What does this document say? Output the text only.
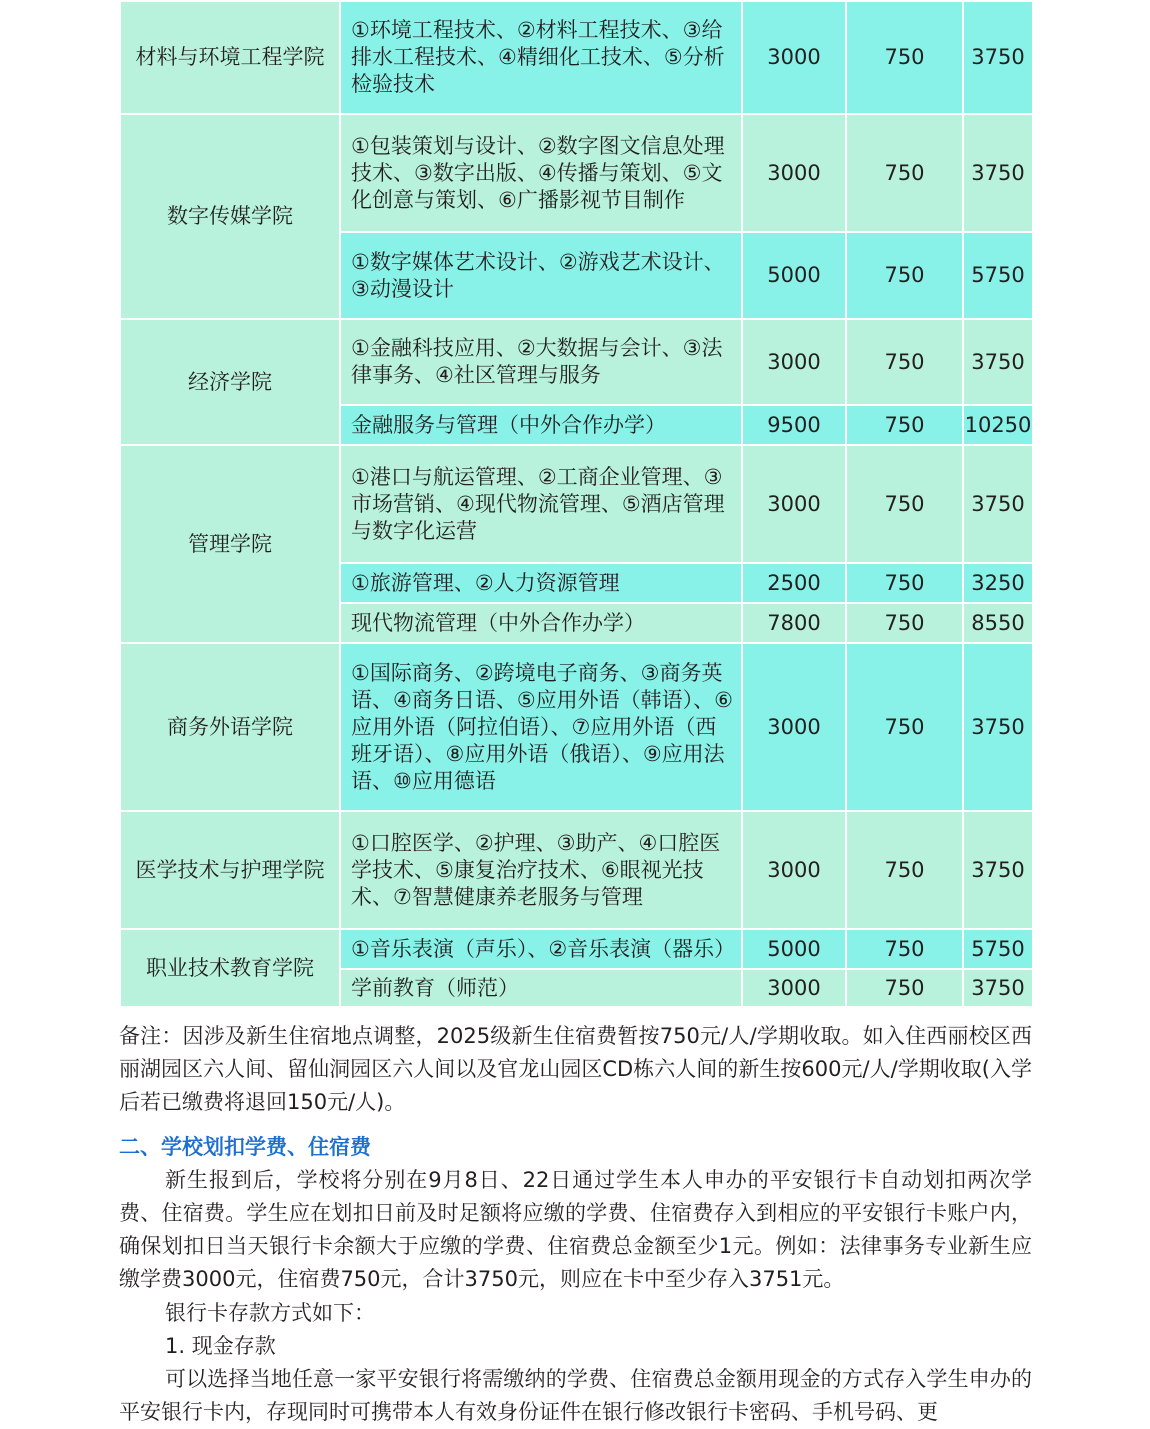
材料与环境工程学院	①环境工程技术、②材料工程技术、③给排水工程技术、④精细化工技术、⑤分析检验技术	3000	750	3750
数字传媒学院	①包装策划与设计、②数字图文信息处理技术、③数字出版、④传播与策划、⑤文化创意与策划、⑥广播影视节目制作	3000	750	3750
	①数字媒体艺术设计、②游戏艺术设计、③动漫设计	5000	750	5750
经济学院	①金融科技应用、②大数据与会计、③法律事务、④社区管理与服务	3000	750	3750
	金融服务与管理（中外合作办学）	9500	750	10250
管理学院	①港口与航运管理、②工商企业管理、③市场营销、④现代物流管理、⑤酒店管理与数字化运营	3000	750	3750
	①旅游管理、②人力资源管理	2500	750	3250
	现代物流管理（中外合作办学）	7800	750	8550
商务外语学院	①国际商务、②跨境电子商务、③商务英语、④商务日语、⑤应用外语（韩语）、⑥应用外语（阿拉伯语）、⑦应用外语（西班牙语）、⑧应用外语（俄语）、⑨应用法语、⑩应用德语	3000	750	3750
医学技术与护理学院	①口腔医学、②护理、③助产、④口腔医学技术、⑤康复治疗技术、⑥眼视光技术、⑦智慧健康养老服务与管理	3000	750	3750
职业技术教育学院	①音乐表演（声乐）、②音乐表演（器乐）	5000	750	5750
	学前教育（师范）	3000	750	3750
备注：因涉及新生住宿地点调整，2025级新生住宿费暂按750元/人/学期收取。如入住西丽校区西丽湖园区六人间、留仙洞园区六人间以及官龙山园区CD栋六人间的新生按600元/人/学期收取(入学后若已缴费将退回150元/人)。
二、学校划扣学费、住宿费
新生报到后，学校将分别在9月8日、22日通过学生本人申办的平安银行卡自动划扣两次学费、住宿费。学生应在划扣日前及时足额将应缴的学费、住宿费存入到相应的平安银行卡账户内，确保划扣日当天银行卡余额大于应缴的学费、住宿费总金额至少1元。例如：法律事务专业新生应缴学费3000元，住宿费750元，合计3750元，则应在卡中至少存入3751元。
银行卡存款方式如下：
1. 现金存款
可以选择当地任意一家平安银行将需缴纳的学费、住宿费总金额用现金的方式存入学生申办的平安银行卡内，存现同时可携带本人有效身份证件在银行修改银行卡密码、手机号码、更
